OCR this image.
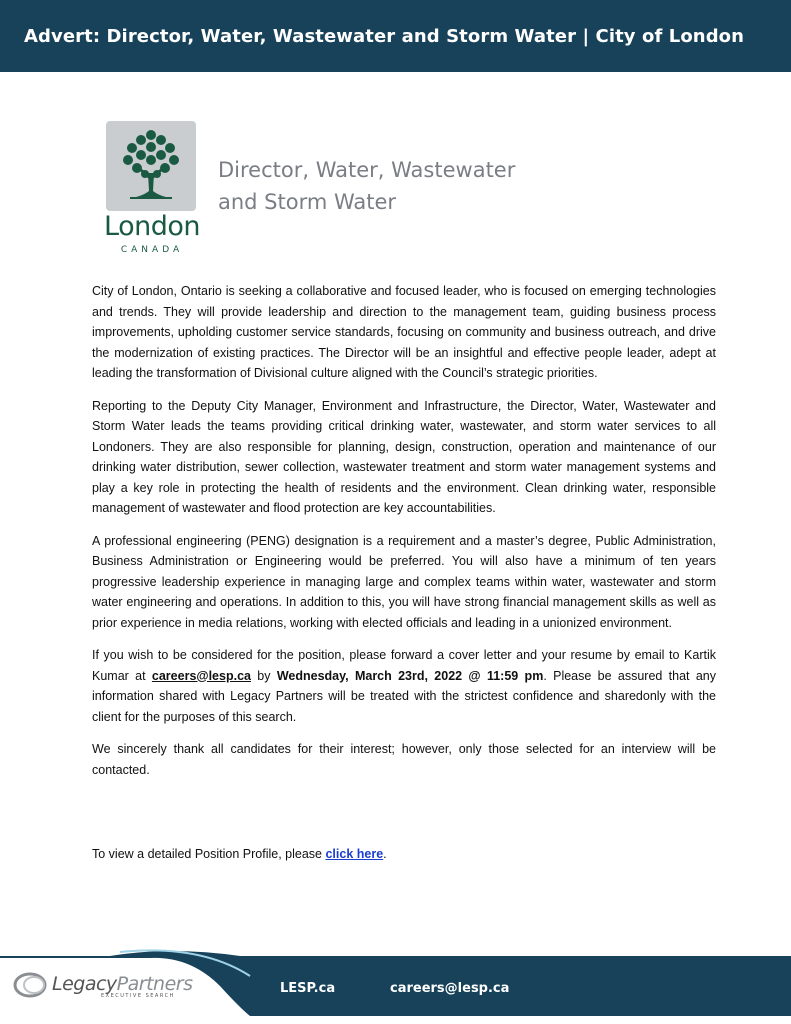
Advert: Director, Water, Wastewater and Storm Water | City of London
London
CANADA
Director, Water, Wastewater
and Storm Water

City of London, Ontario is seeking a collaborative and focused leader, who is focused on emerging technologies and trends. They will provide leadership and direction to the management team, guiding business process improvements, upholding customer service standards, focusing on community and business outreach, and drive the modernization of existing practices. The Director will be an insightful and effective people leader, adept at leading the transformation of Divisional culture aligned with the Council’s strategic priorities.

Reporting to the Deputy City Manager, Environment and Infrastructure, the Director, Water, Wastewater and Storm Water leads the teams providing critical drinking water, wastewater, and storm water services to all Londoners. They are also responsible for planning, design, construction, operation and maintenance of our drinking water distribution, sewer collection, wastewater treatment and storm water management systems and play a key role in protecting the health of residents and the environment. Clean drinking water, responsible management of wastewater and flood protection are key accountabilities.

A professional engineering (PENG) designation is a requirement and a master’s degree, Public Administration, Business Administration or Engineering would be preferred. You will also have a minimum of ten years progressive leadership experience in managing large and complex teams within water, wastewater and storm water engineering and operations. In addition to this, you will have strong financial management skills as well as prior experience in media relations, working with elected officials and leading in a unionized environment.

If you wish to be considered for the position, please forward a cover letter and your resume by email to Kartik Kumar at careers@lesp.ca by Wednesday, March 23rd, 2022 @ 11:59 pm. Please be assured that any information shared with Legacy Partners will be treated with the strictest confidence and sharedonly with the client for the purposes of this search.

We sincerely thank all candidates for their interest; however, only those selected for an interview will be contacted.

To view a detailed Position Profile, please click here.
LegacyPartners
EXECUTIVE SEARCH	LESP.ca	careers@lesp.ca
